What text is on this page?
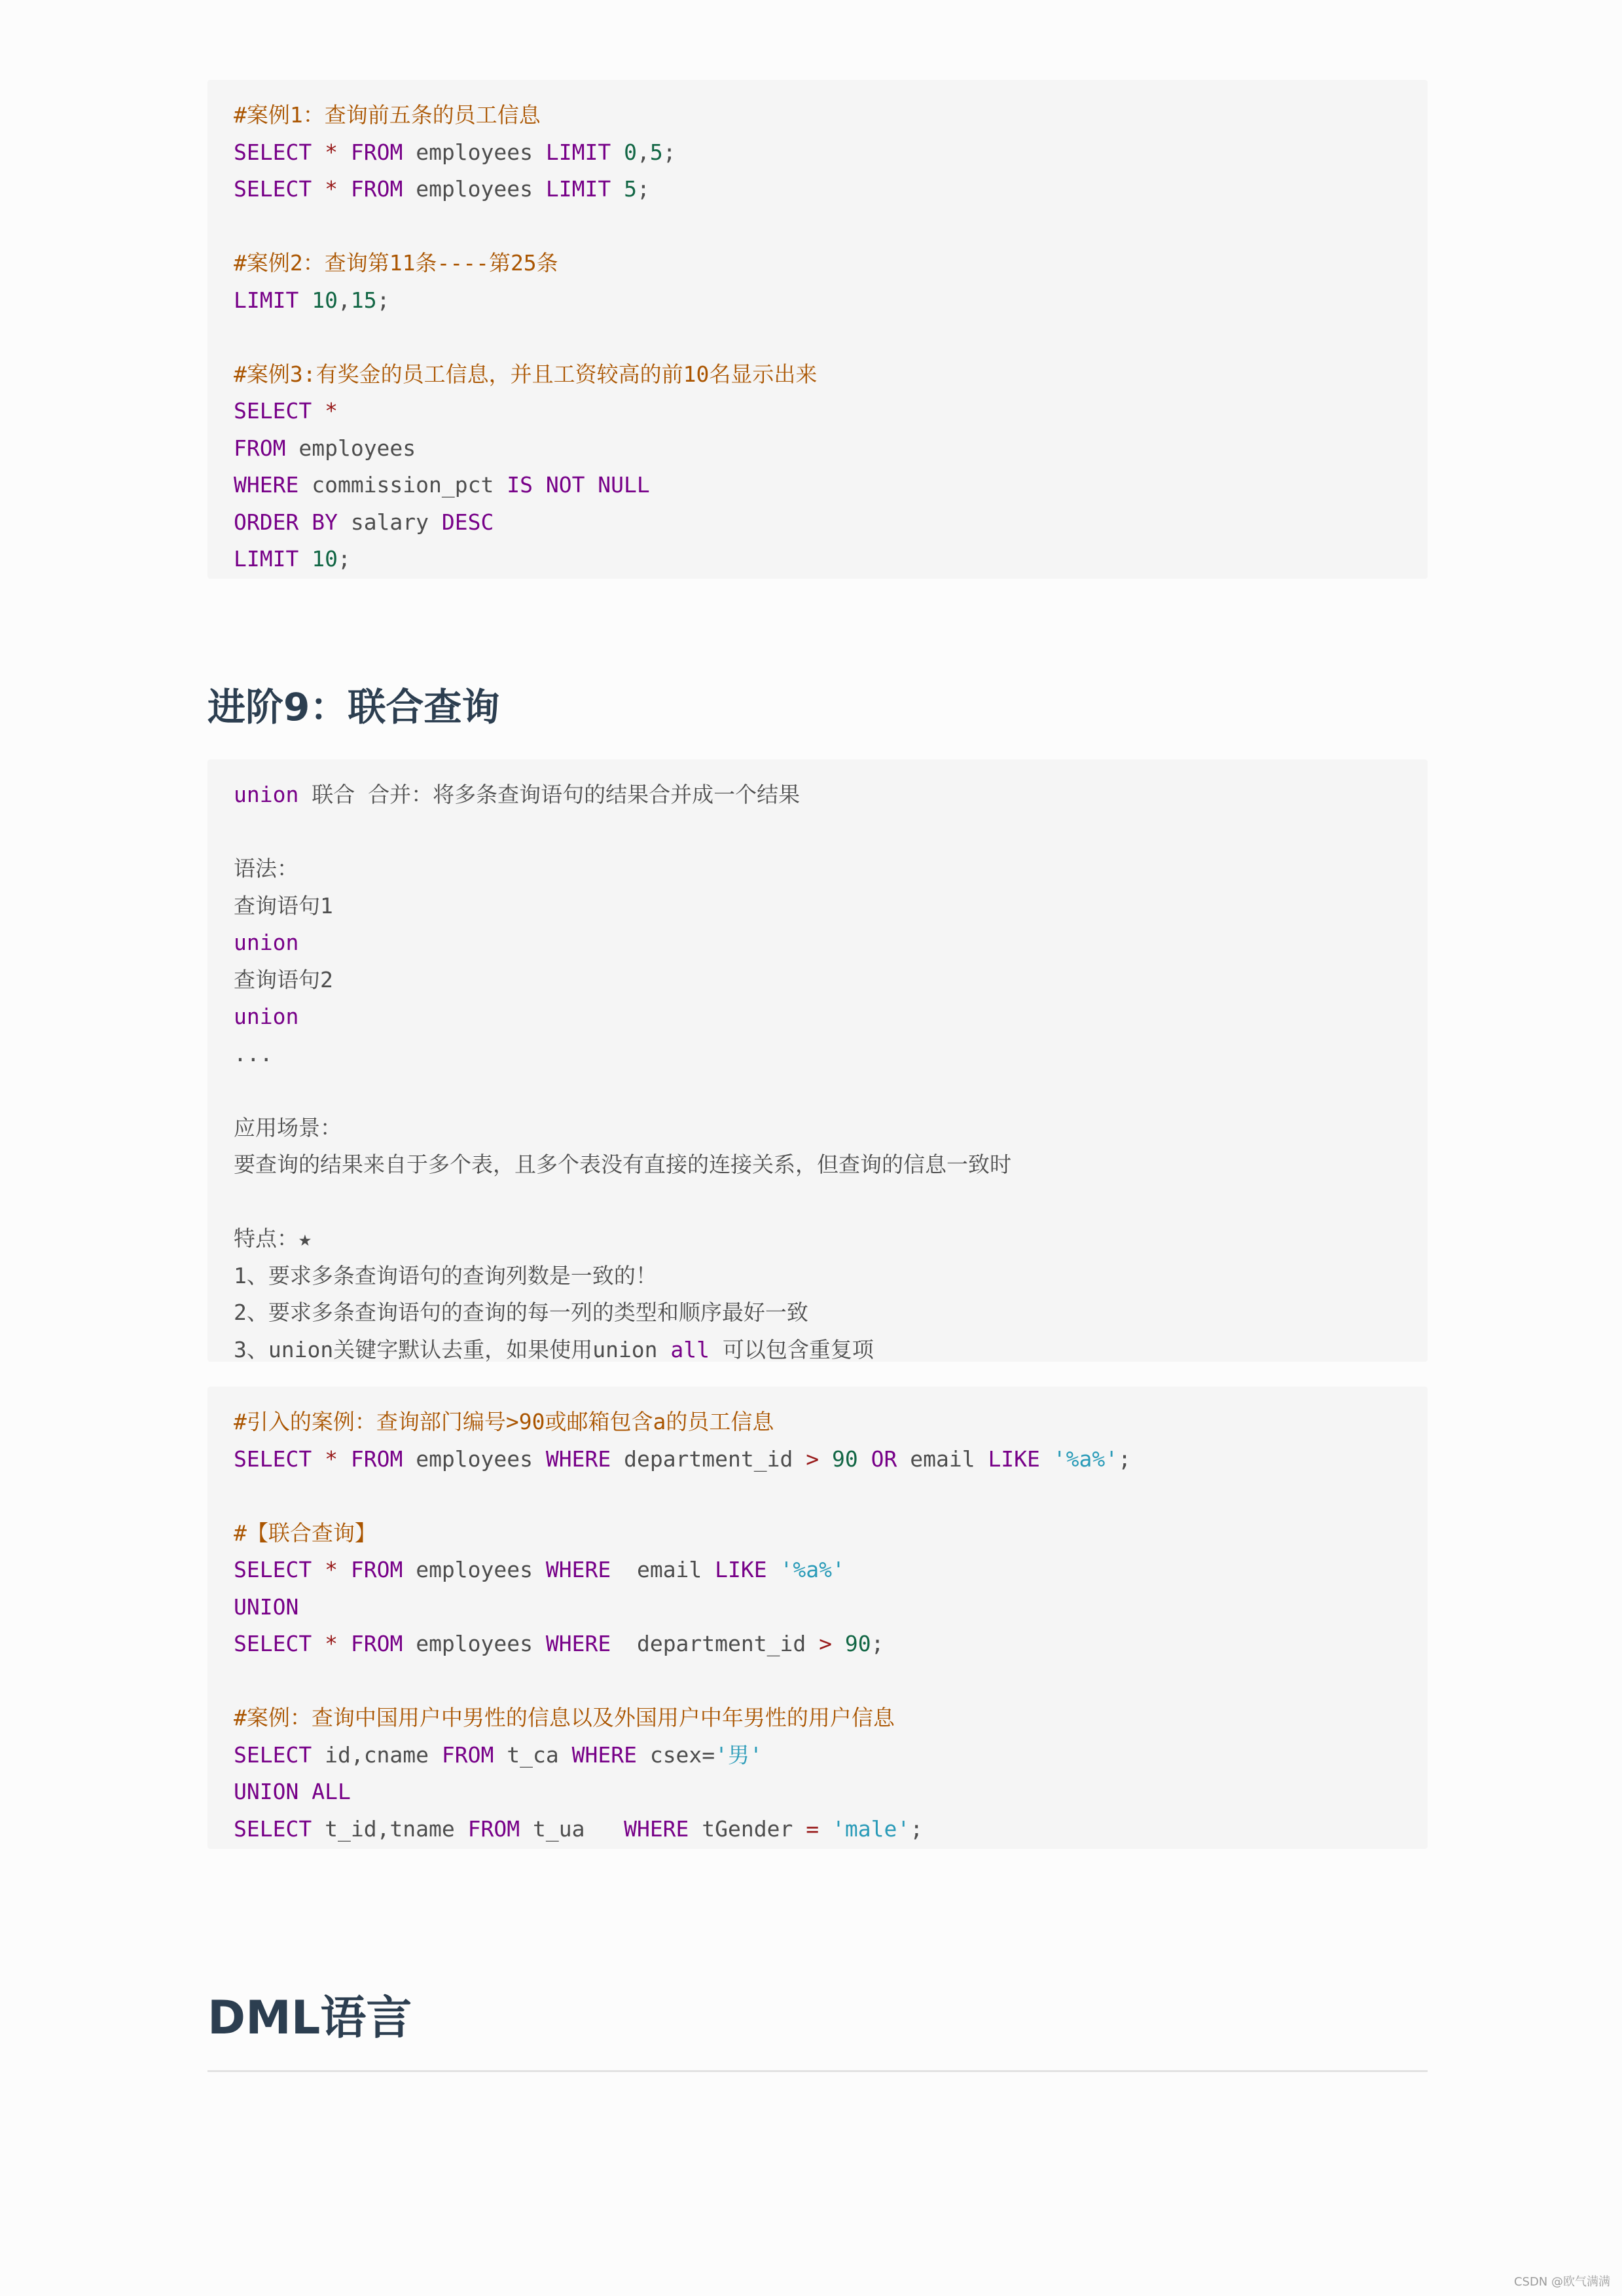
#案例1：查询前五条的员工信息
SELECT * FROM employees LIMIT 0,5;
SELECT * FROM employees LIMIT 5;

#案例2：查询第11条----第25条
LIMIT 10,15;

#案例3:有奖金的员工信息，并且工资较高的前10名显示出来
SELECT *
FROM employees
WHERE commission_pct IS NOT NULL
ORDER BY salary DESC
LIMIT 10;
进阶9：联合查询
union 联合 合并：将多条查询语句的结果合并成一个结果

语法：
查询语句1
union
查询语句2
union
...

应用场景：
要查询的结果来自于多个表，且多个表没有直接的连接关系，但查询的信息一致时

特点：★
1、要求多条查询语句的查询列数是一致的！
2、要求多条查询语句的查询的每一列的类型和顺序最好一致
3、union关键字默认去重，如果使用union all 可以包含重复项
#引入的案例：查询部门编号>90或邮箱包含a的员工信息
SELECT * FROM employees WHERE department_id > 90 OR email LIKE '%a%';

#【联合查询】
SELECT * FROM employees WHERE  email LIKE '%a%'
UNION
SELECT * FROM employees WHERE  department_id > 90;

#案例：查询中国用户中男性的信息以及外国用户中年男性的用户信息
SELECT id,cname FROM t_ca WHERE csex='男'
UNION ALL
SELECT t_id,tname FROM t_ua   WHERE tGender = 'male';
DML语言
CSDN @欧气满满
